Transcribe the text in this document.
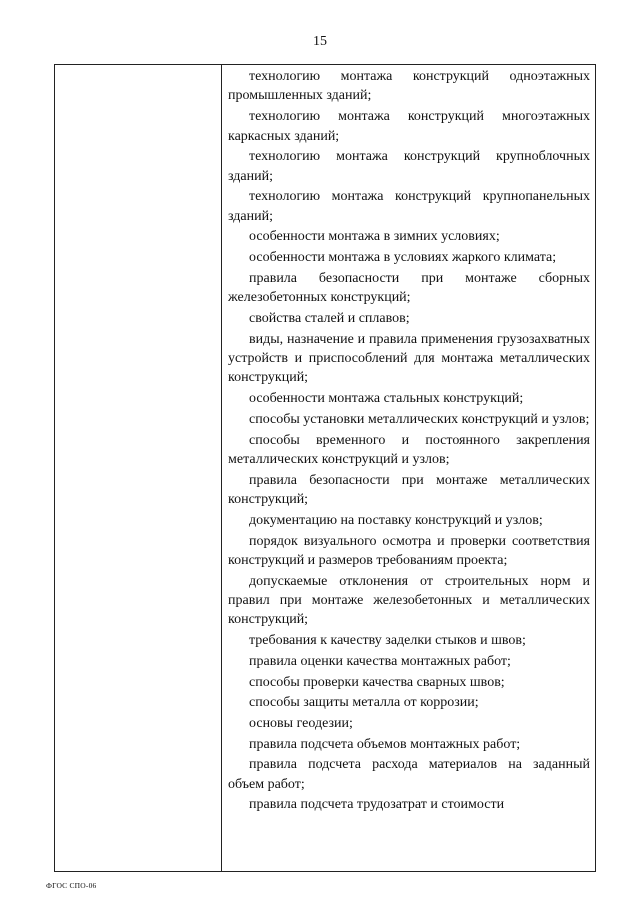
15

технологию монтажа конструкций одноэтажных промышленных зданий;

технологию монтажа конструкций многоэтажных каркасных зданий;

технологию монтажа конструкций крупноблочных зданий;

технологию монтажа конструкций крупнопанельных зданий;

особенности монтажа в зимних условиях;

особенности монтажа в условиях жаркого климата;

правила безопасности при монтаже сборных железобетонных конструкций;

свойства сталей и сплавов;

виды, назначение и правила применения грузозахватных устройств и приспособлений для монтажа металлических конструкций;

особенности монтажа стальных конструкций;

способы установки металлических конструкций и узлов;

способы временного и постоянного закрепления металлических конструкций и узлов;

правила безопасности при монтаже металлических конструкций;

документацию на поставку конструкций и узлов;

порядок визуального осмотра и проверки соответствия конструкций и размеров требованиям проекта;

допускаемые отклонения от строительных норм и правил при монтаже железобетонных и металлических конструкций;

требования к качеству заделки стыков и швов;

правила оценки качества монтажных работ;

способы проверки качества сварных швов;

способы защиты металла от коррозии;

основы геодезии;

правила подсчета объемов монтажных работ;

правила подсчета расхода материалов на заданный объем работ;

правила подсчета трудозатрат и стоимости

ФГОС СПО-06
